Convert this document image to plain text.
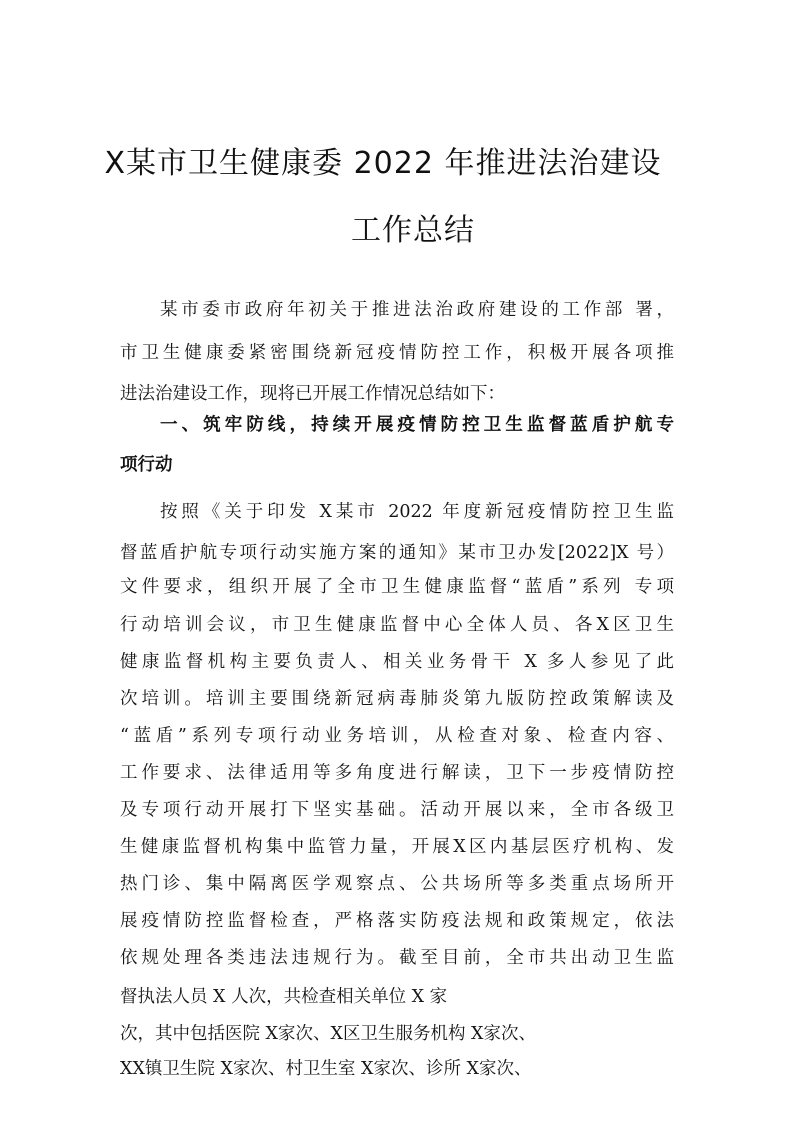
X某市卫生健康委 2022 年推进法治建设
工作总结
某市委市政府年初关于推进法治政府建设的工作部 署，
市卫生健康委紧密围绕新冠疫情防控工作，积极开展各项推
进法治建设工作，现将已开展工作情况总结如下：
一、筑牢防线，持续开展疫情防控卫生监督蓝盾护航专
项行动
按照《关于印发 X某市 2022 年度新冠疫情防控卫生监
督蓝盾护航专项行动实施方案的通知》某市卫办发[2022]X 号）
文件要求，组织开展了全市卫生健康监督“蓝盾”系列 专项
行动培训会议，市卫生健康监督中心全体人员、各X区卫生
健康监督机构主要负责人、相关业务骨干 X 多人参见了此
次培训。培训主要围绕新冠病毒肺炎第九版防控政策解读及
“蓝盾”系列专项行动业务培训，从检查对象、检查内容、
工作要求、法律适用等多角度进行解读，卫下一步疫情防控
及专项行动开展打下坚实基础。活动开展以来，全市各级卫
生健康监督机构集中监管力量，开展X区内基层医疗机构、发
热门诊、集中隔离医学观察点、公共场所等多类重点场所开
展疫情防控监督检查，严格落实防疫法规和政策规定，依法
依规处理各类违法违规行为。截至目前，全市共出动卫生监
督执法人员 X 人次，共检查相关单位 X 家
次，其中包括医院 X家次、X区卫生服务机构 X家次、
XX镇卫生院 X家次、村卫生室 X家次、诊所 X家次、
